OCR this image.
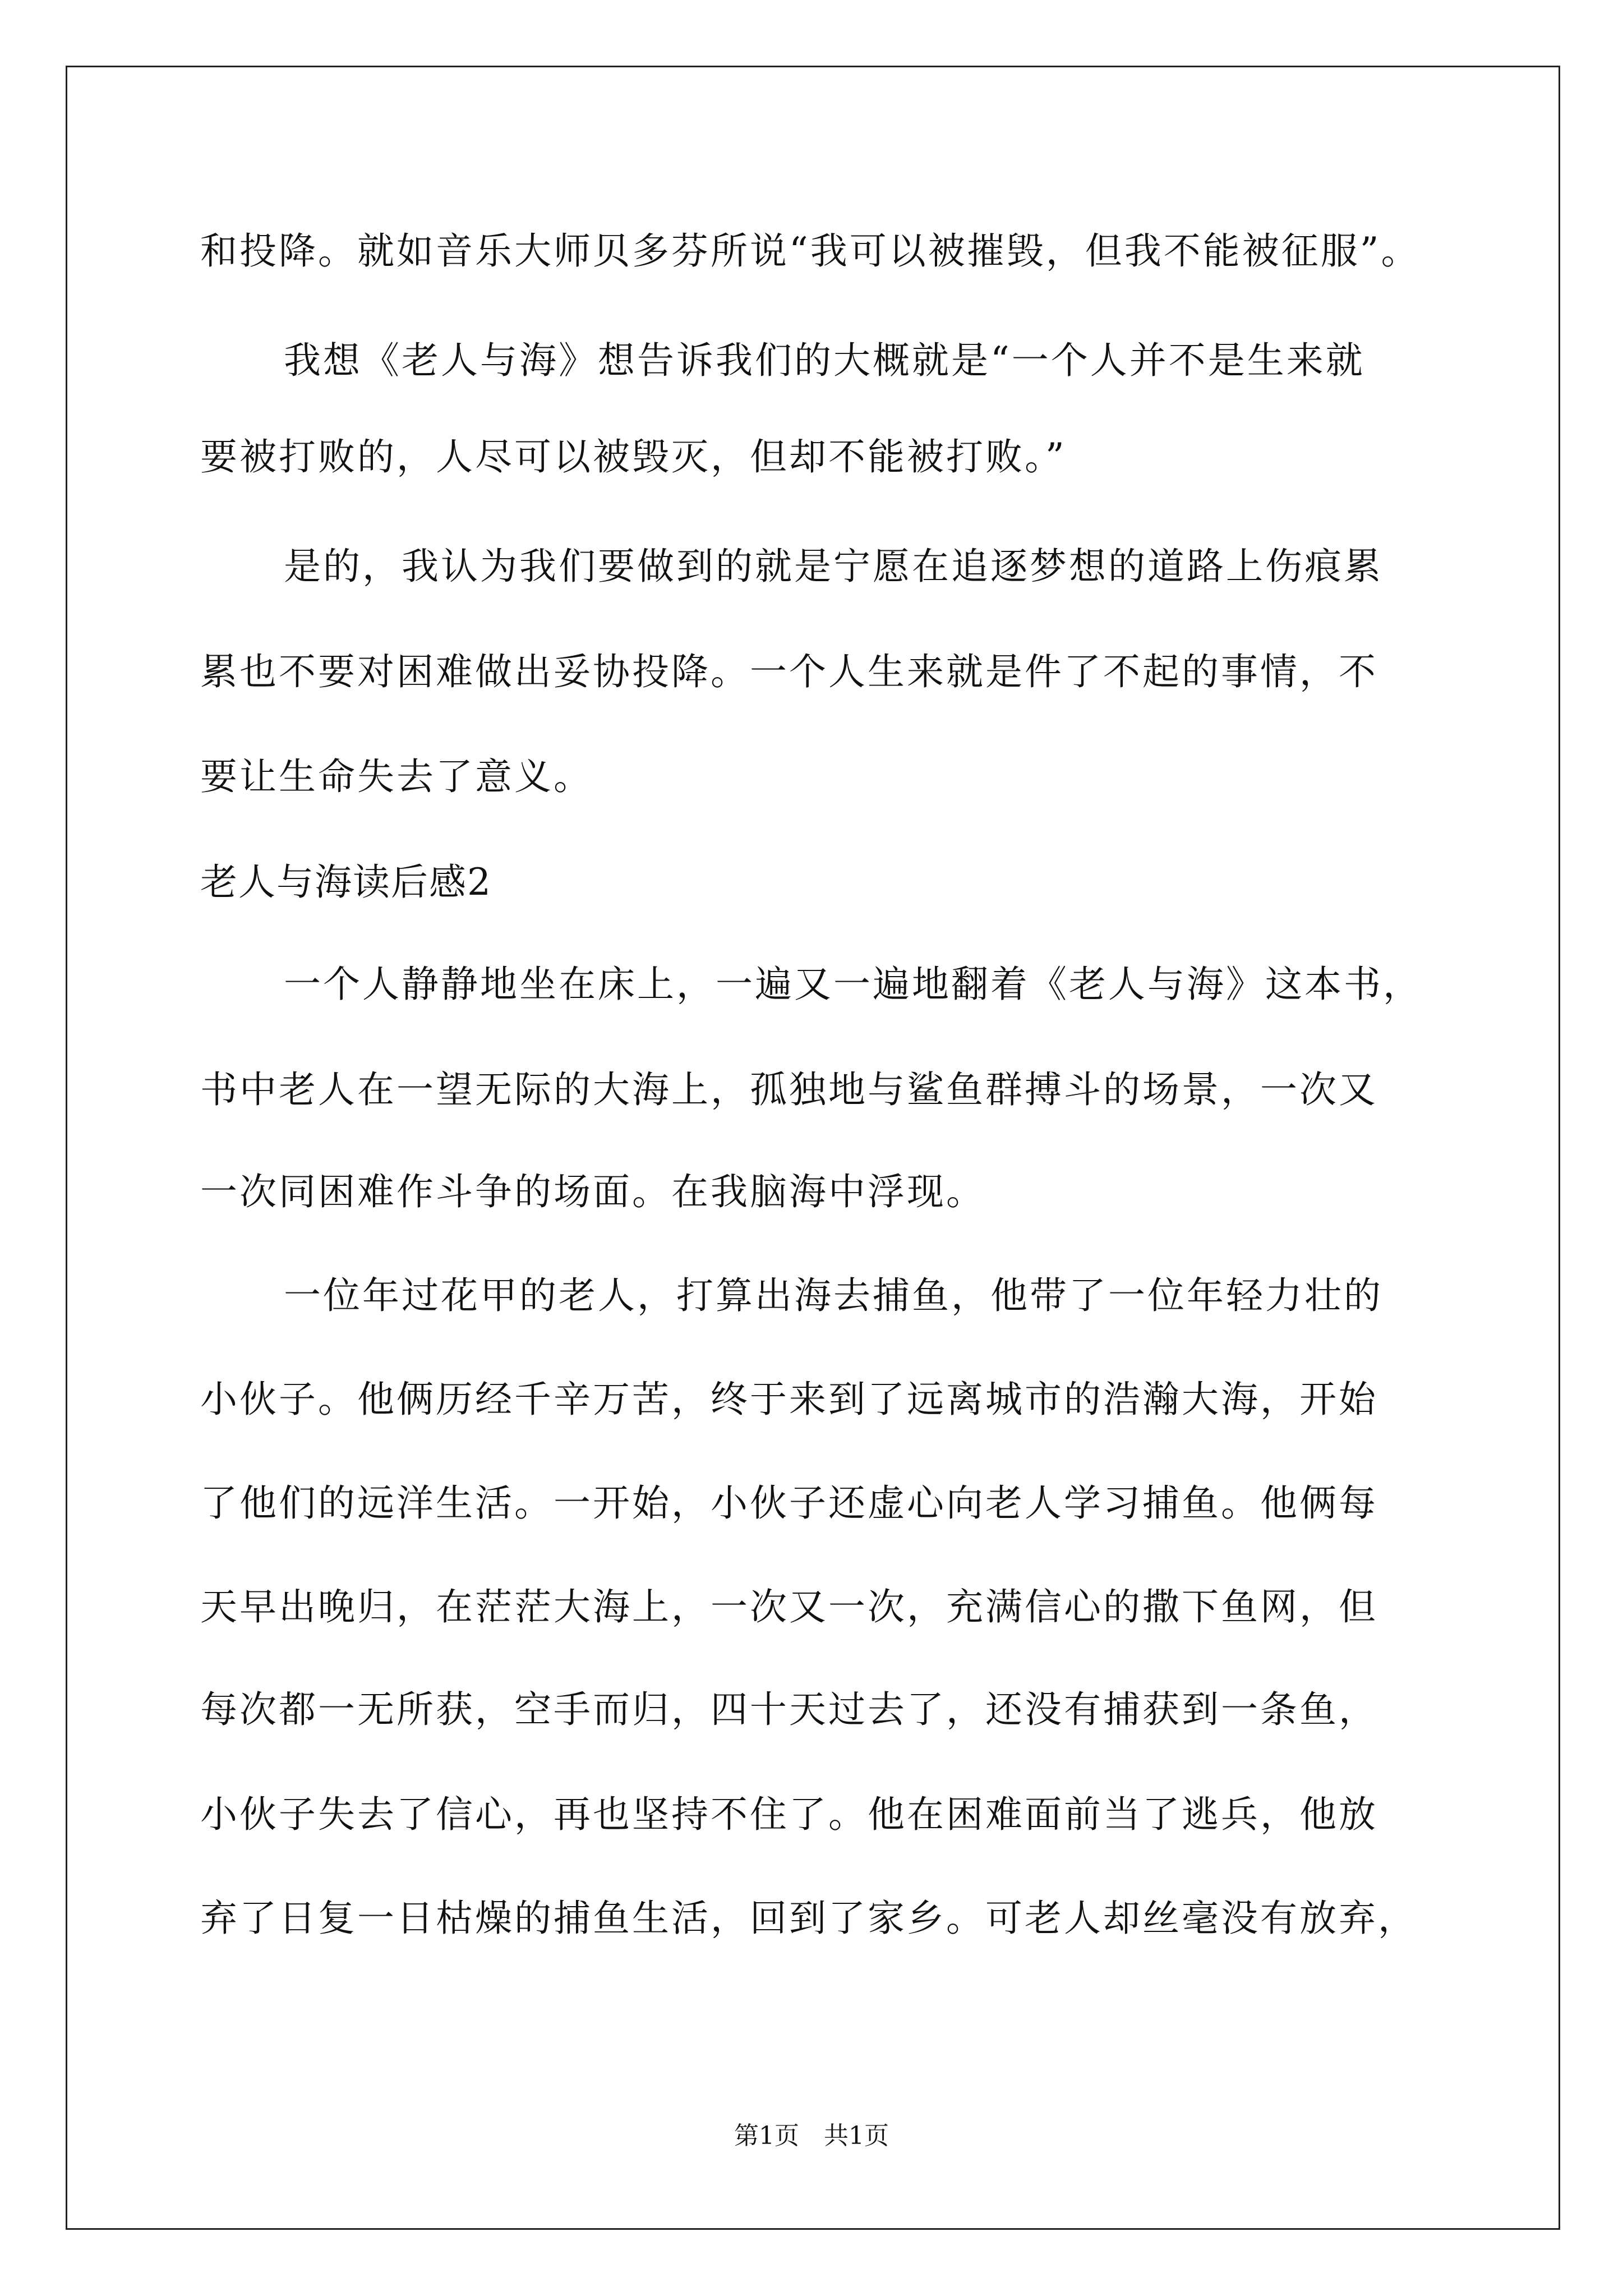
和投降。就如音乐大师贝多芬所说“我可以被摧毁，但我不能被征服”。
我想《老人与海》想告诉我们的大概就是“一个人并不是生来就
要被打败的，人尽可以被毁灭，但却不能被打败。”
是的，我认为我们要做到的就是宁愿在追逐梦想的道路上伤痕累
累也不要对困难做出妥协投降。一个人生来就是件了不起的事情，不
要让生命失去了意义。
老人与海读后感2
一个人静静地坐在床上，一遍又一遍地翻着《老人与海》这本书，
书中老人在一望无际的大海上，孤独地与鲨鱼群搏斗的场景，一次又
一次同困难作斗争的场面。在我脑海中浮现。
一位年过花甲的老人，打算出海去捕鱼，他带了一位年轻力壮的
小伙子。他俩历经千辛万苦，终于来到了远离城市的浩瀚大海，开始
了他们的远洋生活。一开始，小伙子还虚心向老人学习捕鱼。他俩每
天早出晚归，在茫茫大海上，一次又一次，充满信心的撒下鱼网，但
每次都一无所获，空手而归，四十天过去了，还没有捕获到一条鱼，
小伙子失去了信心，再也坚持不住了。他在困难面前当了逃兵，他放
弃了日复一日枯燥的捕鱼生活，回到了家乡。可老人却丝毫没有放弃，
第1页　共1页
